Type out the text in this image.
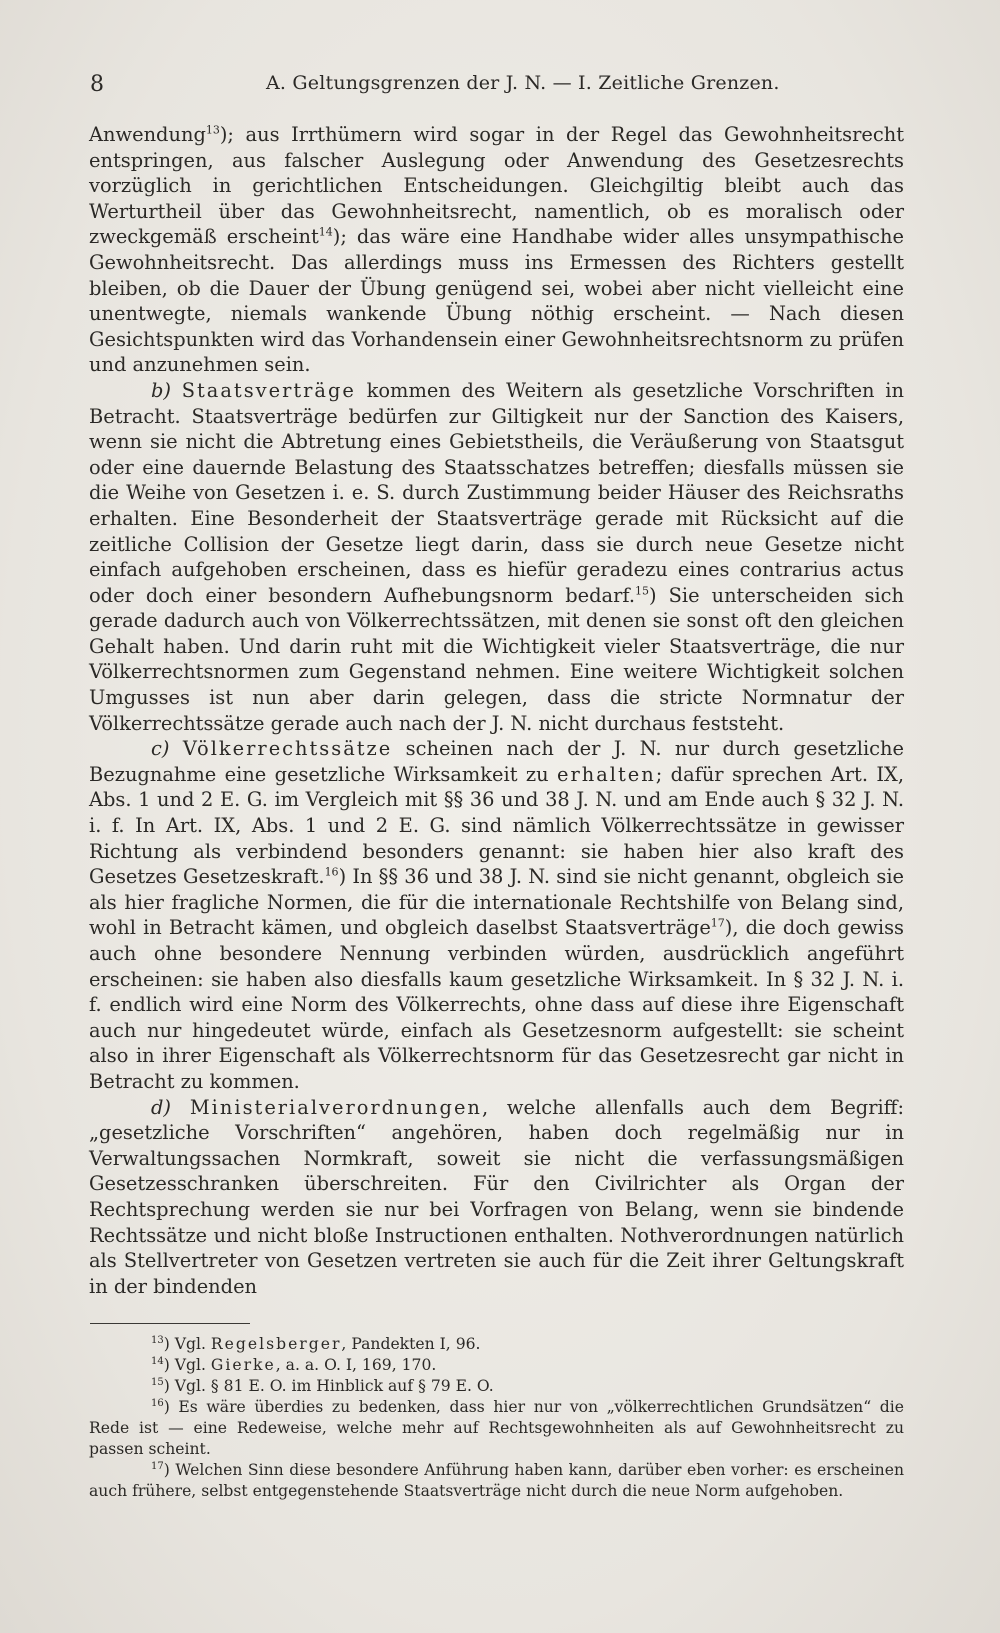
8	A. Geltungsgrenzen der J. N. — I. Zeitliche Grenzen.

Anwendung$^{13}$); aus Irrthümern wird sogar in der Regel das Gewohnheitsrecht entspringen, aus falscher Auslegung oder Anwendung des Gesetzesrechts vorzüglich in gerichtlichen Entscheidungen. Gleichgiltig bleibt auch das Werturtheil über das Gewohnheitsrecht, namentlich, ob es moralisch oder zweckgemäß erscheint$^{14}$); das wäre eine Handhabe wider alles unsympathische Gewohnheitsrecht. Das allerdings muss ins Ermessen des Richters gestellt bleiben, ob die Dauer der Übung genügend sei, wobei aber nicht vielleicht eine unentwegte, niemals wankende Übung nöthig erscheint. — Nach diesen Gesichtspunkten wird das Vorhandensein einer Gewohnheitsrechtsnorm zu prüfen und anzunehmen sein.

b) Staatsverträge kommen des Weitern als gesetzliche Vorschriften in Betracht. Staatsverträge bedürfen zur Giltigkeit nur der Sanction des Kaisers, wenn sie nicht die Abtretung eines Gebietstheils, die Veräußerung von Staatsgut oder eine dauernde Belastung des Staatsschatzes betreffen; diesfalls müssen sie die Weihe von Gesetzen i. e. S. durch Zustimmung beider Häuser des Reichsraths erhalten. Eine Besonderheit der Staatsverträge gerade mit Rücksicht auf die zeitliche Collision der Gesetze liegt darin, dass sie durch neue Gesetze nicht einfach aufgehoben erscheinen, dass es hiefür geradezu eines contrarius actus oder doch einer besondern Aufhebungsnorm bedarf.$^{15}$) Sie unterscheiden sich gerade dadurch auch von Völkerrechtssätzen, mit denen sie sonst oft den gleichen Gehalt haben. Und darin ruht mit die Wichtigkeit vieler Staatsverträge, die nur Völkerrechtsnormen zum Gegenstand nehmen. Eine weitere Wichtigkeit solchen Umgusses ist nun aber darin gelegen, dass die stricte Normnatur der Völkerrechtssätze gerade auch nach der J. N. nicht durchaus feststeht.

c) Völkerrechtssätze scheinen nach der J. N. nur durch gesetzliche Bezugnahme eine gesetzliche Wirksamkeit zu erhalten; dafür sprechen Art. IX, Abs. 1 und 2 E. G. im Vergleich mit §§ 36 und 38 J. N. und am Ende auch § 32 J. N. i. f. In Art. IX, Abs. 1 und 2 E. G. sind nämlich Völkerrechtssätze in gewisser Richtung als verbindend besonders genannt: sie haben hier also kraft des Gesetzes Gesetzeskraft.$^{16}$) In §§ 36 und 38 J. N. sind sie nicht genannt, obgleich sie als hier fragliche Normen, die für die internationale Rechtshilfe von Belang sind, wohl in Betracht kämen, und obgleich daselbst Staatsverträge$^{17}$), die doch gewiss auch ohne besondere Nennung verbinden würden, ausdrücklich angeführt erscheinen: sie haben also diesfalls kaum gesetzliche Wirksamkeit. In § 32 J. N. i. f. endlich wird eine Norm des Völkerrechts, ohne dass auf diese ihre Eigenschaft auch nur hingedeutet würde, einfach als Gesetzesnorm aufgestellt: sie scheint also in ihrer Eigenschaft als Völkerrechtsnorm für das Gesetzesrecht gar nicht in Betracht zu kommen.

d) Ministerialverordnungen, welche allenfalls auch dem Begriff: „gesetzliche Vorschriften“ angehören, haben doch regelmäßig nur in Verwaltungssachen Normkraft, soweit sie nicht die verfassungsmäßigen Gesetzesschranken überschreiten. Für den Civilrichter als Organ der Rechtsprechung werden sie nur bei Vorfragen von Belang, wenn sie bindende Rechtssätze und nicht bloße Instructionen enthalten. Nothverordnungen natürlich als Stellvertreter von Gesetzen vertreten sie auch für die Zeit ihrer Geltungskraft in der bindenden

$^{13}$) Vgl. Regelsberger, Pandekten I, 96.

$^{14}$) Vgl. Gierke, a. a. O. I, 169, 170.

$^{15}$) Vgl. § 81 E. O. im Hinblick auf § 79 E. O.

$^{16}$) Es wäre überdies zu bedenken, dass hier nur von „völkerrechtlichen Grundsätzen“ die Rede ist — eine Redeweise, welche mehr auf Rechtsgewohnheiten als auf Gewohnheitsrecht zu passen scheint.

$^{17}$) Welchen Sinn diese besondere Anführung haben kann, darüber eben vorher: es erscheinen auch frühere, selbst entgegenstehende Staatsverträge nicht durch die neue Norm aufgehoben.
